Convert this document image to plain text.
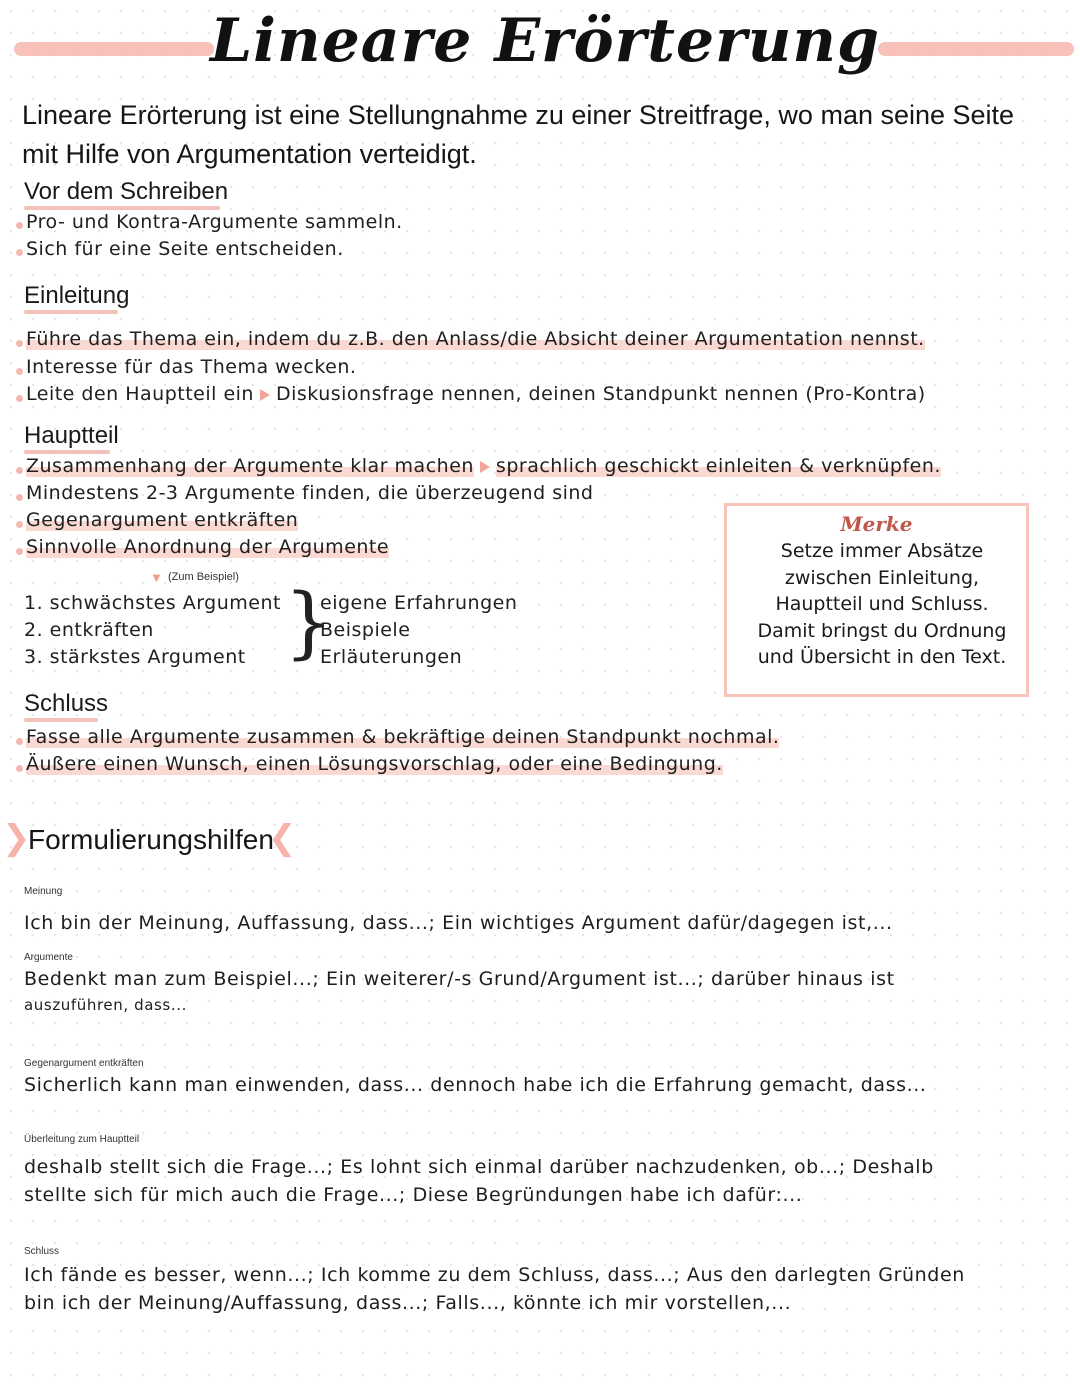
Lineare Erörterung
Lineare Erörterung ist eine Stellungnahme zu einer Streitfrage, wo man seine Seite mit Hilfe von Argumentation verteidigt.
Vor dem Schreiben
Pro- und Kontra-Argumente sammeln.
Sich für eine Seite entscheiden.
Einleitung
Führe das Thema ein, indem du z.B. den Anlass/die Absicht deiner Argumentation nennst.
Interesse für das Thema wecken.
Leite den Hauptteil ein Diskusionsfrage nennen, deinen Standpunkt nennen (Pro-Kontra)
Hauptteil
Zusammenhang der Argumente klar machen sprachlich geschickt einleiten & verknüpfen.
Mindestens 2-3 Argumente finden, die überzeugend sind
Gegenargument entkräften
Sinnvolle Anordnung der Argumente
▼ (Zum Beispiel)
1. schwächstes Argument
2. entkräften
3. stärkstes Argument }
eigene Erfahrungen
Beispiele
Erläuterungen
Merke
Setze immer Absätze zwischen Einleitung, Hauptteil und Schluss. Damit bringst du Ordnung und Übersicht in den Text.
Schluss
Fasse alle Argumente zusammen & bekräftige deinen Standpunkt nochmal.
Äußere einen Wunsch, einen Lösungsvorschlag, oder eine Bedingung.
❯
Formulierungshilfen
❮
Meinung
Ich bin der Meinung, Auffassung, dass...; Ein wichtiges Argument dafür/dagegen ist,...
Argumente
Bedenkt man zum Beispiel...; Ein weiterer/-s Grund/Argument ist...; darüber hinaus ist
auszuführen, dass...
Gegenargument entkräften
Sicherlich kann man einwenden, dass... dennoch habe ich die Erfahrung gemacht, dass...
Überleitung zum Hauptteil
deshalb stellt sich die Frage...; Es lohnt sich einmal darüber nachzudenken, ob...; Deshalb
stellte sich für mich auch die Frage...; Diese Begründungen habe ich dafür:...
Schluss
Ich fände es besser, wenn...; Ich komme zu dem Schluss, dass...; Aus den darlegten Gründen
bin ich der Meinung/Auffassung, dass...; Falls..., könnte ich mir vorstellen,...
